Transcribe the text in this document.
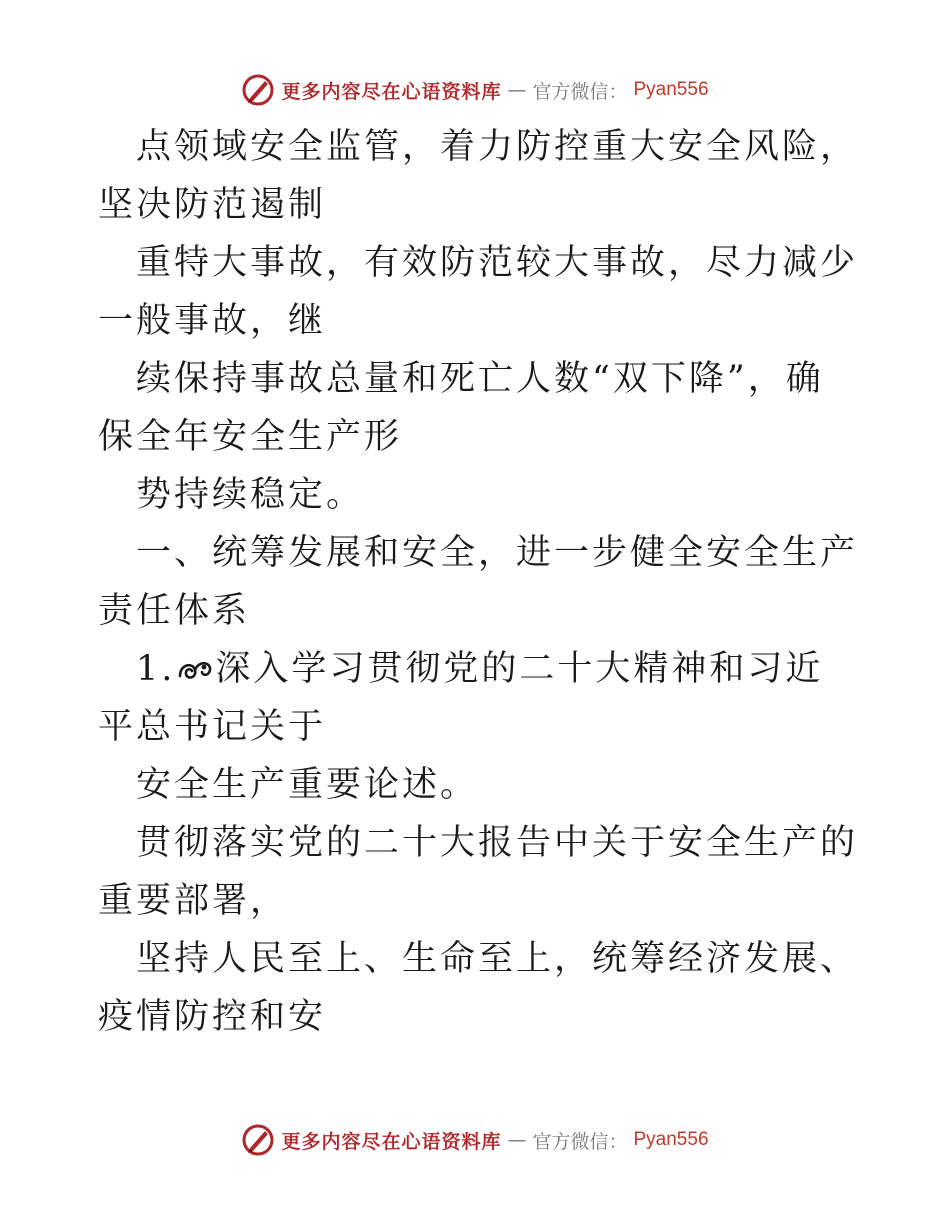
更多内容尽在心语资料库 — 官方微信： Pyan556

点领域安全监管，着力防控重大安全风险，坚决防范遏制

重特大事故，有效防范较大事故，尽力减少一般事故，继

续保持事故总量和死亡人数“双下降”，确保全年安全生产形

势持续稳定。

一、统筹发展和安全，进一步健全安全生产责任体系

1. 深入学习贯彻党的二十大精神和习近平总书记关于

安全生产重要论述。

贯彻落实党的二十大报告中关于安全生产的重要部署，

坚持人民至上、生命至上，统筹经济发展、疫情防控和安

更多内容尽在心语资料库 — 官方微信： Pyan556
